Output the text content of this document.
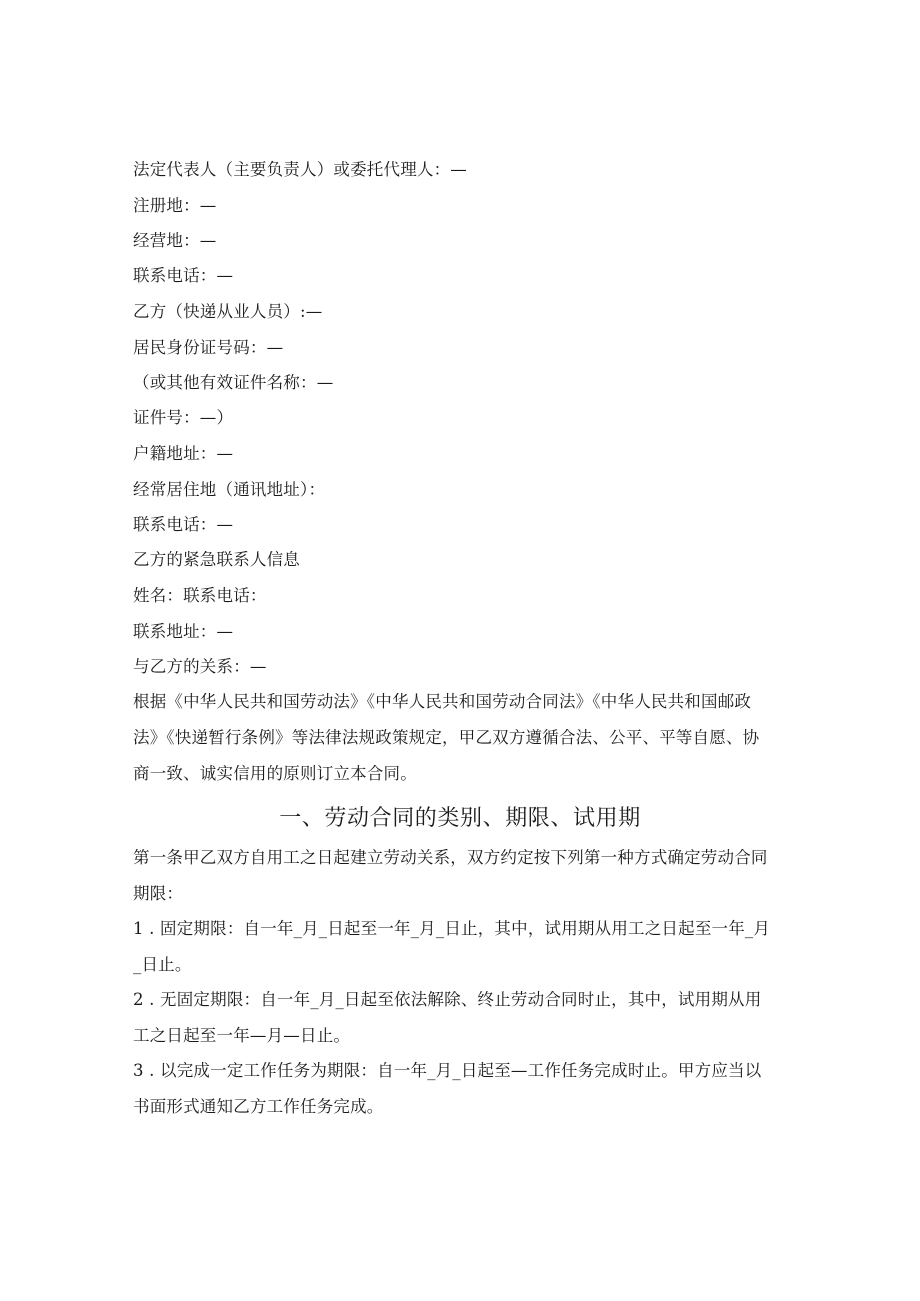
法定代表人（主要负责人）或委托代理人：—
注册地：—
经营地：—
联系电话：—
乙方（快递从业人员）:—
居民身份证号码：—
（或其他有效证件名称：—
证件号：—）
户籍地址：—
经常居住地（通讯地址）：
联系电话：—
乙方的紧急联系人信息
姓名：联系电话：
联系地址：—
与乙方的关系：—
根据《中华人民共和国劳动法》《中华人民共和国劳动合同法》《中华人民共和国邮政
法》《快递暂行条例》等法律法规政策规定，甲乙双方遵循合法、公平、平等自愿、协
商一致、诚实信用的原则订立本合同。
一、劳动合同的类别、期限、试用期
第一条甲乙双方自用工之日起建立劳动关系，双方约定按下列第一种方式确定劳动合同
期限：
1 . 固定期限：自一年_月_日起至一年_月_日止，其中，试用期从用工之日起至一年_月
_日止。
2 . 无固定期限：自一年_月_日起至依法解除、终止劳动合同时止，其中，试用期从用
工之日起至一年—月—日止。
3 . 以完成一定工作任务为期限：自一年_月_日起至—工作任务完成时止。甲方应当以
书面形式通知乙方工作任务完成。
